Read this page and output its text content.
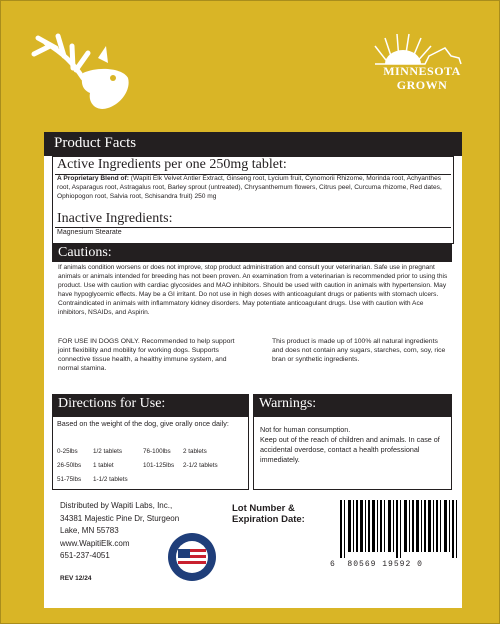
MINNESOTA
GROWN
Product Facts
Active Ingredients per one 250mg tablet:
A Proprietary Blend of: (Wapiti Elk Velvet Antler Extract, Ginseng root, Lycium fruit, Cynomorii Rhizome, Morinda root, Achyanthes root, Asparagus root, Astragalus root, Barley sprout (untreated), Chrysanthemum flowers, Citrus peel, Curcuma rhizome, Red dates, Ophiopogon root, Salvia root, Schisandra fruit) 250 mg
Inactive Ingredients:
Magnesium Stearate
Cautions:
If animals condition worsens or does not improve, stop product administration and consult your veterinarian. Safe use in pregnant animals or animals intended for breeding has not been proven. An examination from a veterinarian is recommended prior to using this product. Use with caution with cardiac glycosides and MAO inhibitors. Should be used with caution in animals with hypertension. May have hypoglycemic effects. May be a GI irritant. Do not use in high doses with anticoagulant drugs or patients with stomach ulcers. Contraindicated in animals with inflammatory kidney disorders. May potentiate anticoagulant drugs. Use with caution with Ace inhibitors, NSAIDs, and Aspirin.
FOR USE IN DOGS ONLY. Recommended to help support joint flexibility and mobility for working dogs. Supports connective tissue health, a healthy immune system, and normal stamina.
This product is made up of 100% all natural ingredients and does not contain any sugars, starches, corn, soy, rice bran or synthetic ingredients.
Directions for Use:
Based on the weight of the dog, give orally once daily:
0-25lbs 1/2 tablets	76-100lbs 2 tablets
26-50lbs 1 tablet	101-125lbs 2-1/2 tablets
51-75lbs 1-1/2 tablets
Warnings:
Not for human consumption.
Keep out of the reach of children and animals. In case of accidental overdose, contact a health professional immediately.
Distributed by Wapiti Labs, Inc.,
34381 Majestic Pine Dr, Sturgeon
Lake, MN 55783
www.WapitiElk.com
651-237-4051
REV 12/24
Lot Number &
Expiration Date:
6 80569 19592 0
